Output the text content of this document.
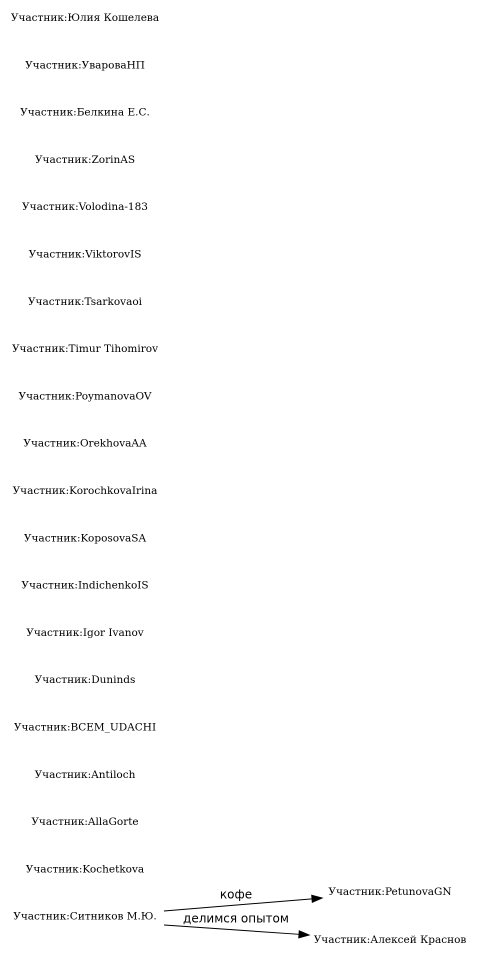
кофе
делимся опытом
Участник:Юлия Кошелева
Участник:УвароваНП
Участник:Белкина Е.С.
Участник:ZorinAS
Участник:Volodina-183
Участник:ViktorovIS
Участник:Tsarkovaoi
Участник:Timur Tihomirov
Участник:PoymanovaOV
Участник:OrekhovaAA
Участник:KorochkovaIrina
Участник:KoposovaSA
Участник:IndichenkoIS
Участник:Igor Ivanov
Участник:Duninds
Участник:ВСЕМ_UDACHI
Участник:Antiloch
Участник:AllaGorte
Участник:Kochetkova
Участник:Ситников М.Ю.
Участник:PetunovaGN
Участник:Алексей Краснов
